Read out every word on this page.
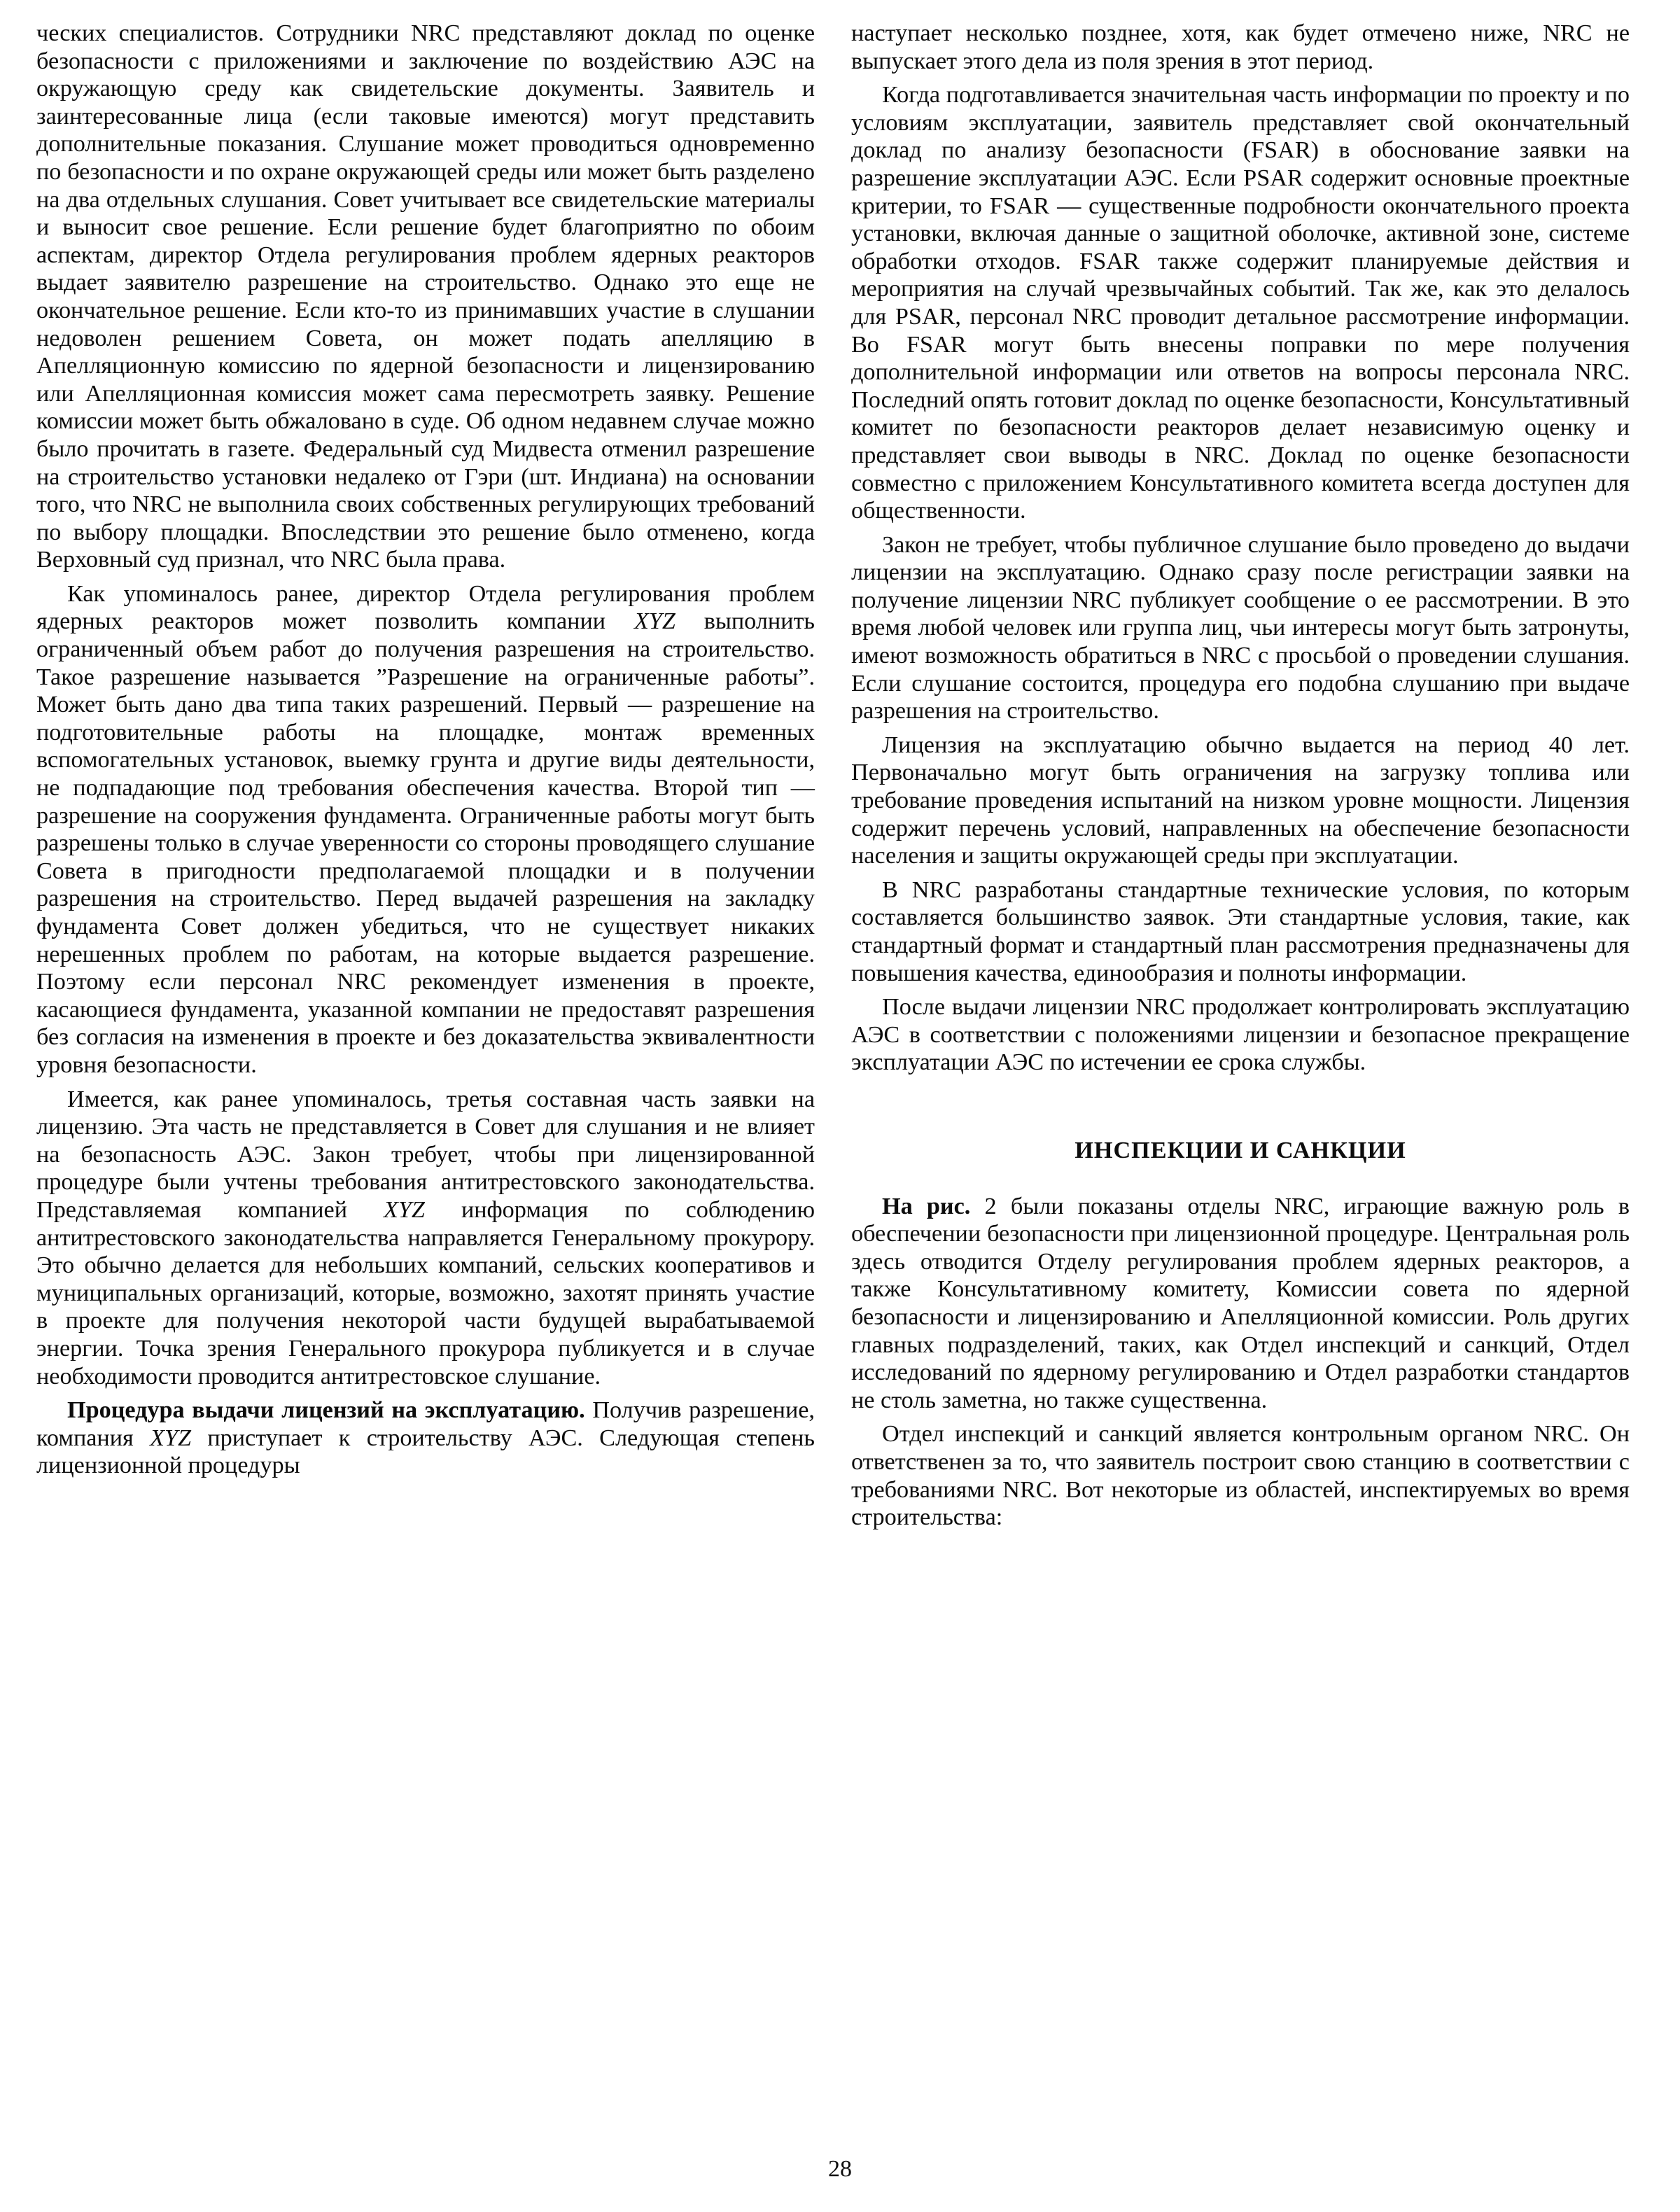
ческих специалистов. Сотрудники NRC представляют доклад по оценке безопасности с приложениями и заключение по воздействию АЭС на окружающую среду как свидетельские документы. Заявитель и заинтересованные лица (если таковые имеются) могут представить дополнительные показания. Слушание может проводиться одновременно по безопасности и по охране окружающей среды или может быть разделено на два отдельных слушания. Совет учитывает все свидетельские материалы и выносит свое решение. Если решение будет благоприятно по обоим аспектам, директор Отдела регулирования проблем ядерных реакторов выдает заявителю разрешение на строительство. Однако это еще не окончательное решение. Если кто-то из принимавших участие в слушании недоволен решением Совета, он может подать апелляцию в Апелляционную комиссию по ядерной безопасности и лицензированию или Апелляционная комиссия может сама пересмотреть заявку. Решение комиссии может быть обжаловано в суде. Об одном недавнем случае можно было прочитать в газете. Федеральный суд Мидвеста отменил разрешение на строительство установки недалеко от Гэри (шт. Индиана) на основании того, что NRC не выполнила своих собственных регулирующих требований по выбору площадки. Впоследствии это решение было отменено, когда Верховный суд признал, что NRC была права.

Как упоминалось ранее, директор Отдела регулирования проблем ядерных реакторов может позволить компании XYZ выполнить ограниченный объем работ до получения разрешения на строительство. Такое разрешение называется ”Разрешение на ограниченные работы”. Может быть дано два типа таких разрешений. Первый — разрешение на подготовительные работы на площадке, монтаж временных вспомогательных установок, выемку грунта и другие виды деятельности, не подпадающие под требования обеспечения качества. Второй тип — разрешение на сооружения фундамента. Ограниченные работы могут быть разрешены только в случае уверенности со стороны проводящего слушание Совета в пригодности предполагаемой площадки и в получении разрешения на строительство. Перед выдачей разрешения на закладку фундамента Совет должен убедиться, что не существует никаких нерешенных проблем по работам, на которые выдается разрешение. Поэтому если персонал NRC рекомендует изменения в проекте, касающиеся фундамента, указанной компании не предоставят разрешения без согласия на изменения в проекте и без доказательства эквивалентности уровня безопасности.

Имеется, как ранее упоминалось, третья составная часть заявки на лицензию. Эта часть не представляется в Совет для слушания и не влияет на безопасность АЭС. Закон требует, чтобы при лицензированной процедуре были учтены требования антитрестовского законодательства. Представляемая компанией XYZ информация по соблюдению антитрестовского законодательства направляется Генеральному прокурору. Это обычно делается для небольших компаний, сельских кооперативов и муниципальных организаций, которые, возможно, захотят принять участие в проекте для получения некоторой части будущей вырабатываемой энергии. Точка зрения Генерального прокурора публикуется и в случае необходимости проводится антитрестовское слушание.

Процедура выдачи лицензий на эксплуатацию. Получив разрешение, компания XYZ приступает к строительству АЭС. Следующая степень лицензионной процедуры

наступает несколько позднее, хотя, как будет отмечено ниже, NRC не выпускает этого дела из поля зрения в этот период.

Когда подготавливается значительная часть информации по проекту и по условиям эксплуатации, заявитель представляет свой окончательный доклад по анализу безопасности (FSAR) в обоснование заявки на разрешение эксплуатации АЭС. Если PSAR содержит основные проектные критерии, то FSAR — существенные подробности окончательного проекта установки, включая данные о защитной оболочке, активной зоне, системе обработки отходов. FSAR также содержит планируемые действия и мероприятия на случай чрезвычайных событий. Так же, как это делалось для PSAR, персонал NRC проводит детальное рассмотрение информации. Во FSAR могут быть внесены поправки по мере получения дополнительной информации или ответов на вопросы персонала NRC. Последний опять готовит доклад по оценке безопасности, Консультативный комитет по безопасности реакторов делает независимую оценку и представляет свои выводы в NRC. Доклад по оценке безопасности совместно с приложением Консультативного комитета всегда доступен для общественности.

Закон не требует, чтобы публичное слушание было проведено до выдачи лицензии на эксплуатацию. Однако сразу после регистрации заявки на получение лицензии NRC публикует сообщение о ее рассмотрении. В это время любой человек или группа лиц, чьи интересы могут быть затронуты, имеют возможность обратиться в NRC с просьбой о проведении слушания. Если слушание состоится, процедура его подобна слушанию при выдаче разрешения на строительство.

Лицензия на эксплуатацию обычно выдается на период 40 лет. Первоначально могут быть ограничения на загрузку топлива или требование проведения испытаний на низком уровне мощности. Лицензия содержит перечень условий, направленных на обеспечение безопасности населения и защиты окружающей среды при эксплуатации.

В NRC разработаны стандартные технические условия, по которым составляется большинство заявок. Эти стандартные условия, такие, как стандартный формат и стандартный план рассмотрения предназначены для повышения качества, единообразия и полноты информации.

После выдачи лицензии NRC продолжает контролировать эксплуатацию АЭС в соответствии с положениями лицензии и безопасное прекращение эксплуатации АЭС по истечении ее срока службы.

ИНСПЕКЦИИ И САНКЦИИ

На рис. 2 были показаны отделы NRC, играющие важную роль в обеспечении безопасности при лицензионной процедуре. Центральная роль здесь отводится Отделу регулирования проблем ядерных реакторов, а также Консультативному комитету, Комиссии совета по ядерной безопасности и лицензированию и Апелляционной комиссии. Роль других главных подразделений, таких, как Отдел инспекций и санкций, Отдел исследований по ядерному регулированию и Отдел разработки стандартов не столь заметна, но также существенна.

Отдел инспекций и санкций является контрольным органом NRC. Он ответственен за то, что заявитель построит свою станцию в соответствии с требованиями NRC. Вот некоторые из областей, инспектируемых во время строительства:

28
